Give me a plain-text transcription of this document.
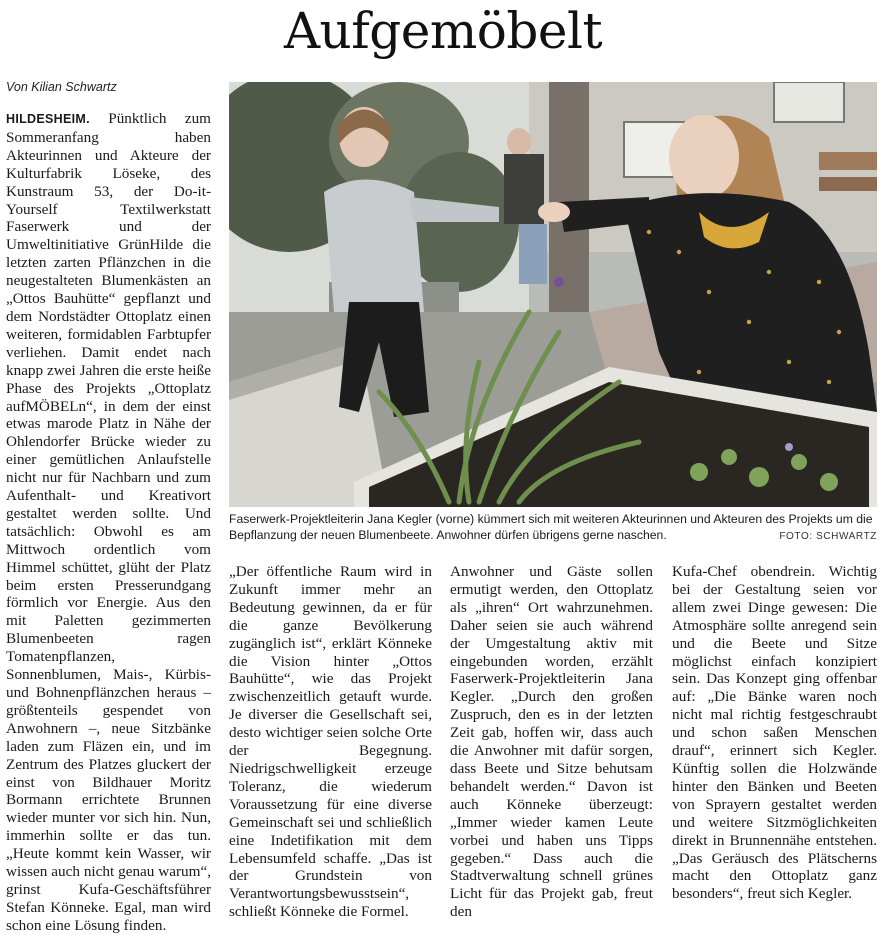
Aufgemöbelt
Von Kilian Schwartz

HILDESHEIM. Pünktlich zum Sommeranfang haben Akteurinnen und Akteure der Kulturfabrik Löseke, des Kunstraum 53, der Do-it-Yourself Textilwerkstatt Faserwerk und der Umweltinitiative GrünHilde die letzten zarten Pflänzchen in die neugestalteten Blumenkästen an „Ottos Bauhütte“ gepflanzt und dem Nordstädter Ottoplatz einen weiteren, formidablen Farbtupfer verliehen. Damit endet nach knapp zwei Jahren die erste heiße Phase des Projekts „Ottoplatz aufMÖBELn“, in dem der einst etwas marode Platz in Nähe der Ohlendorfer Brücke wieder zu einer gemütlichen Anlaufstelle nicht nur für Nachbarn und zum Aufenthalt- und Kreativort gestaltet werden sollte. Und tatsächlich: Obwohl es am Mittwoch ordentlich vom Himmel schüttet, glüht der Platz beim ersten Presserundgang förmlich vor Energie. Aus den mit Paletten gezimmerten Blumenbeeten ragen Tomatenpflanzen, Sonnenblumen, Mais-, Kürbis- und Bohnenpflänzchen heraus – größtenteils gespendet von Anwohnern –, neue Sitzbänke laden zum Fläzen ein, und im Zentrum des Platzes gluckert der einst von Bildhauer Moritz Bormann errichtete Brunnen wieder munter vor sich hin. Nun, immerhin sollte er das tun. „Heute kommt kein Wasser, wir wissen auch nicht genau warum“, grinst Kufa-Geschäftsführer Stefan Könneke. Egal, man wird schon eine Lösung finden.

Faserwerk-Projektleiterin Jana Kegler (vorne) kümmert sich mit weiteren Akteurinnen und Akteuren des Projekts um die Bepflanzung der neuen Blumenbeete. Anwohner dürfen übrigens gerne naschen.	FOTO: SCHWARTZ

„Der öffentliche Raum wird in Zukunft immer mehr an Bedeutung gewinnen, da er für die ganze Bevölkerung zugänglich ist“, erklärt Könneke die Vision hinter „Ottos Bauhütte“, wie das Projekt zwischenzeitlich getauft wurde. Je diverser die Gesellschaft sei, desto wichtiger seien solche Orte der Begegnung. Niedrigschwelligkeit erzeuge Toleranz, die wiederum Voraussetzung für eine diverse Gemeinschaft sei und schließlich eine Indetifikation mit dem Lebensumfeld schaffe. „Das ist der Grundstein von Verantwortungsbewusstsein“, schließt Könneke die Formel.

Anwohner und Gäste sollen ermutigt werden, den Ottoplatz als „ihren“ Ort wahrzunehmen. Daher seien sie auch während der Umgestaltung aktiv mit eingebunden worden, erzählt Faserwerk-Projektleiterin Jana Kegler. „Durch den großen Zuspruch, den es in der letzten Zeit gab, hoffen wir, dass auch die Anwohner mit dafür sorgen, dass Beete und Sitze behutsam behandelt werden.“ Davon ist auch Könneke überzeugt: „Immer wieder kamen Leute vorbei und haben uns Tipps gegeben.“ Dass auch die Stadtverwaltung schnell grünes Licht für das Projekt gab, freut den

Kufa-Chef obendrein. Wichtig bei der Gestaltung seien vor allem zwei Dinge gewesen: Die Atmosphäre sollte anregend sein und die Beete und Sitze möglichst einfach konzipiert sein. Das Konzept ging offenbar auf: „Die Bänke waren noch nicht mal richtig festgeschraubt und schon saßen Menschen drauf“, erinnert sich Kegler. Künftig sollen die Holzwände hinter den Bänken und Beeten von Sprayern gestaltet werden und weitere Sitzmöglichkeiten direkt in Brunnennähe entstehen. „Das Geräusch des Plätscherns macht den Ottoplatz ganz besonders“, freut sich Kegler.
